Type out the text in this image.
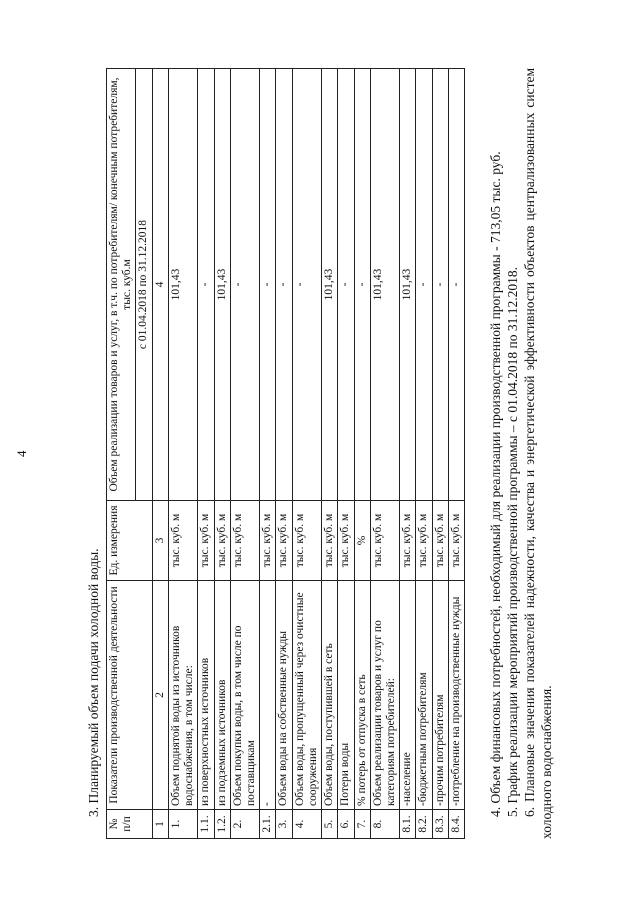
4
3. Планируемый объем подачи холодной воды.
№ п/п	Показатели производственной деятельности	Ед. измерения	Объем реализации товаров и услуг, в т.ч. по потребителям/ конечным потребителям, тыс. куб.м
			с 01.04.2018 по 31.12.2018
1	2	3	4
1.	Объем поднятой воды из источников водоснабжения, в том числе:	тыс. куб. м	101,43
1.1.	из поверхностных источников	тыс. куб. м	-
1.2.	из подземных источников	тыс. куб. м	101,43
2.	Объем покупки воды, в том числе по поставщикам	тыс. куб. м	-
2.1.	-	тыс. куб. м	-
3.	Объем воды на собственные нужды	тыс. куб. м	-
4.	Объем воды, пропущенный через очистные сооружения	тыс. куб. м	-
5.	Объем воды, поступившей в сеть	тыс. куб. м	101,43
6.	Потери воды	тыс. куб. м	-
7.	% потерь от отпуска в сеть	%	-
8.	Объем реализации товаров и услуг по категориям потребителей:	тыс. куб. м	101,43
8.1.	-население	тыс. куб. м	101,43
8.2.	-бюджетным потребителям	тыс. куб. м	-
8.3.	-прочим потребителям	тыс. куб. м	-
8.4.	-потребление на производственные нужды	тыс. куб. м	- 4. Объем финансовых потребностей, необходимый для реализации производственной программы - 713,05 тыс. руб. 5. График реализации мероприятий производственной программы – с 01.04.2018 по 31.12.2018. 6. Плановые значения показателей надежности, качества и энергетической эффективности объектов централизованных систем холодного водоснабжения.
